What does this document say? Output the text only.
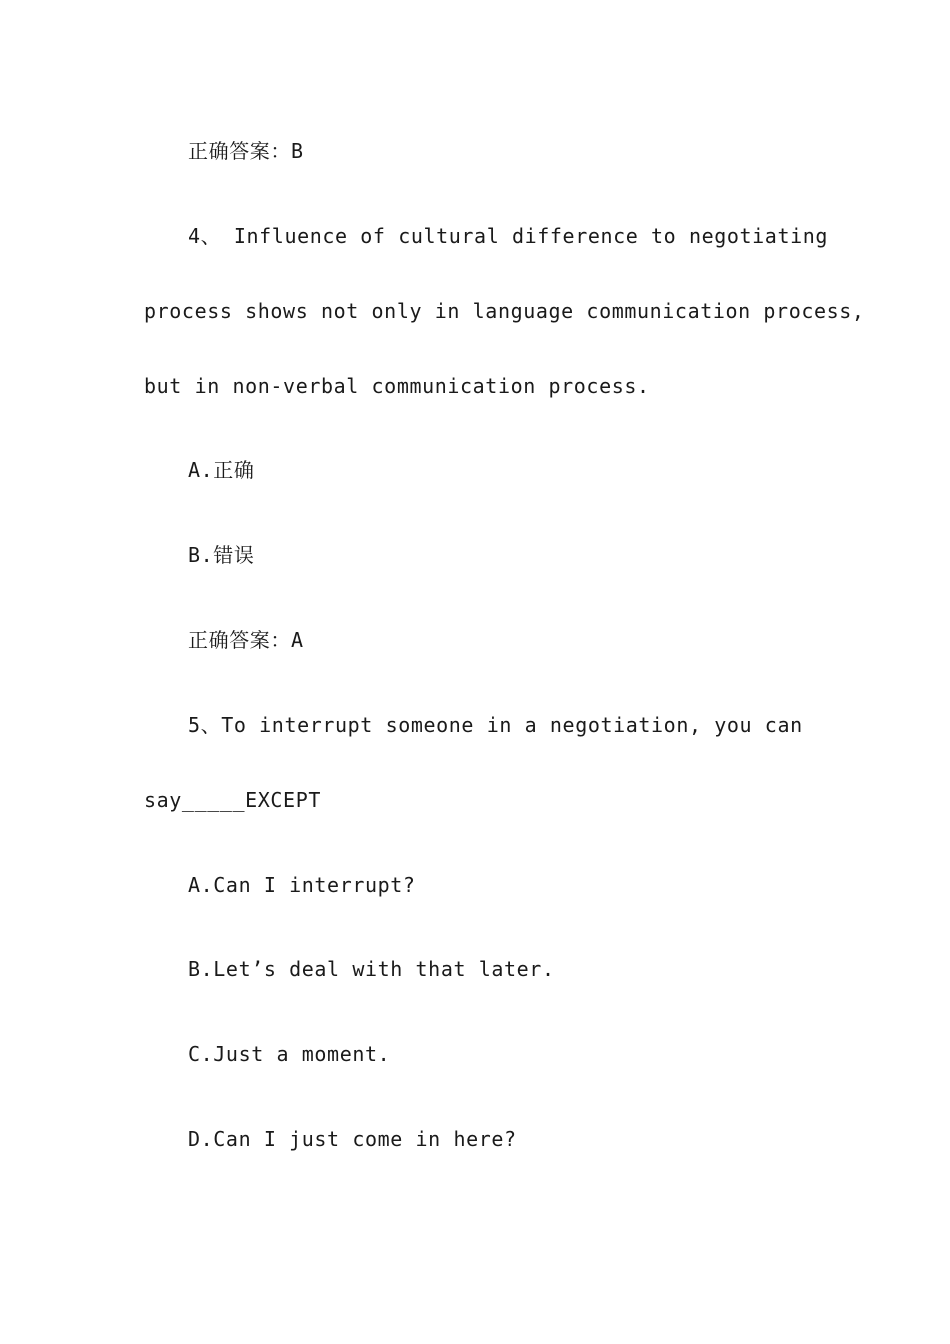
正确答案：B
4、 Influence of cultural difference to negotiating
process shows not only in language communication process,
but in non-verbal communication process.
A.正确
B.错误
正确答案：A
5、To interrupt someone in a negotiation, you can
say_____EXCEPT
A.Can I interrupt?
B.Let’s deal with that later.
C.Just a moment.
D.Can I just come in here?
